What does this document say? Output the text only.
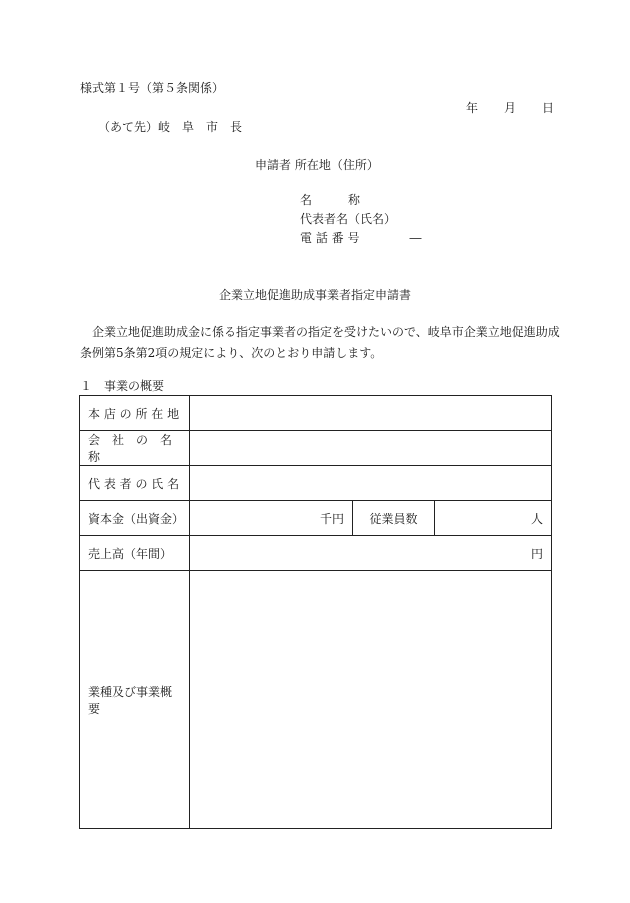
様式第１号（第５条関係）
年 月 日
（あて先）岐　阜　市　長
申請者 所在地（住所）
名　　　称
代表者名（氏名）
電 話 番 号	―
企業立地促進助成事業者指定申請書
　企業立地促進助成金に係る指定事業者の指定を受けたいので、岐阜市企業立地促進助成条例第5条第2項の規定により、次のとおり申請します。
１　事業の概要
本 店 の 所 在 地			
会　社　の　名　称			
代 表 者 の 氏 名			
資本金（出資金）	千円	従業員数	人
売上高（年間）	円		
業種及び事業概要			
